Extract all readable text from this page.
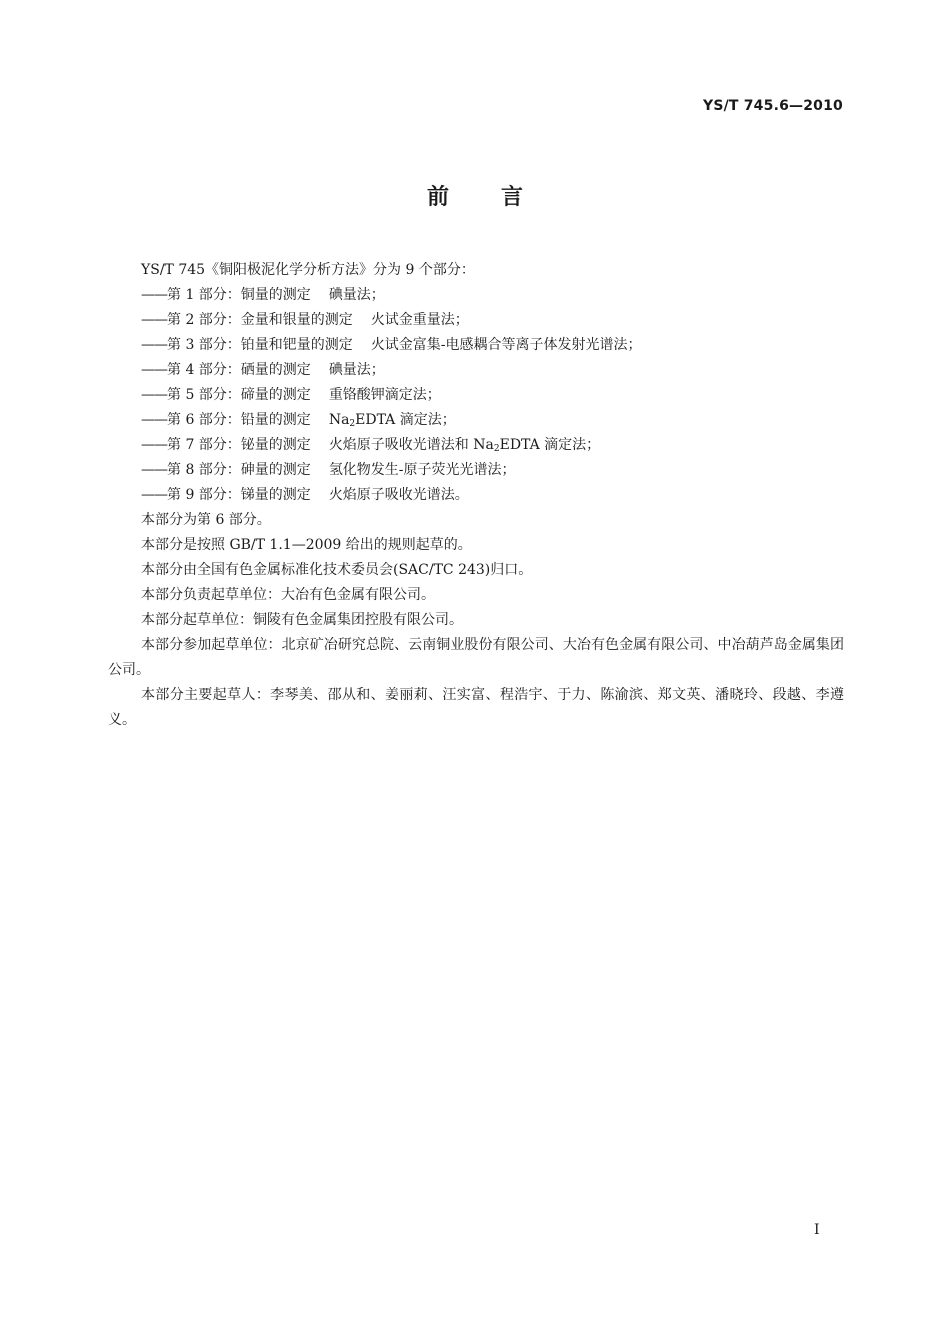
YS/T 745.6—2010
前言

YS/T 745《铜阳极泥化学分析方法》分为 9 个部分：

——第 1 部分：铜量的测定 碘量法；

——第 2 部分：金量和银量的测定 火试金重量法；

——第 3 部分：铂量和钯量的测定 火试金富集-电感耦合等离子体发射光谱法；

——第 4 部分：硒量的测定 碘量法；

——第 5 部分：碲量的测定 重铬酸钾滴定法；

——第 6 部分：铅量的测定 $Na_2EDTA$ 滴定法；

——第 7 部分：铋量的测定 火焰原子吸收光谱法和 $Na_2EDTA$ 滴定法；

——第 8 部分：砷量的测定 氢化物发生-原子荧光光谱法；

——第 9 部分：锑量的测定 火焰原子吸收光谱法。

本部分为第 6 部分。

本部分是按照 GB/T 1.1—2009 给出的规则起草的。

本部分由全国有色金属标准化技术委员会(SAC/TC 243)归口。

本部分负责起草单位：大冶有色金属有限公司。

本部分起草单位：铜陵有色金属集团控股有限公司。

本部分参加起草单位：北京矿冶研究总院、云南铜业股份有限公司、大冶有色金属有限公司、中冶葫芦岛金属集团公司。

本部分主要起草人：李琴美、邵从和、姜丽莉、汪实富、程浩宇、于力、陈渝滨、郑文英、潘晓玲、段越、李遵义。

I
